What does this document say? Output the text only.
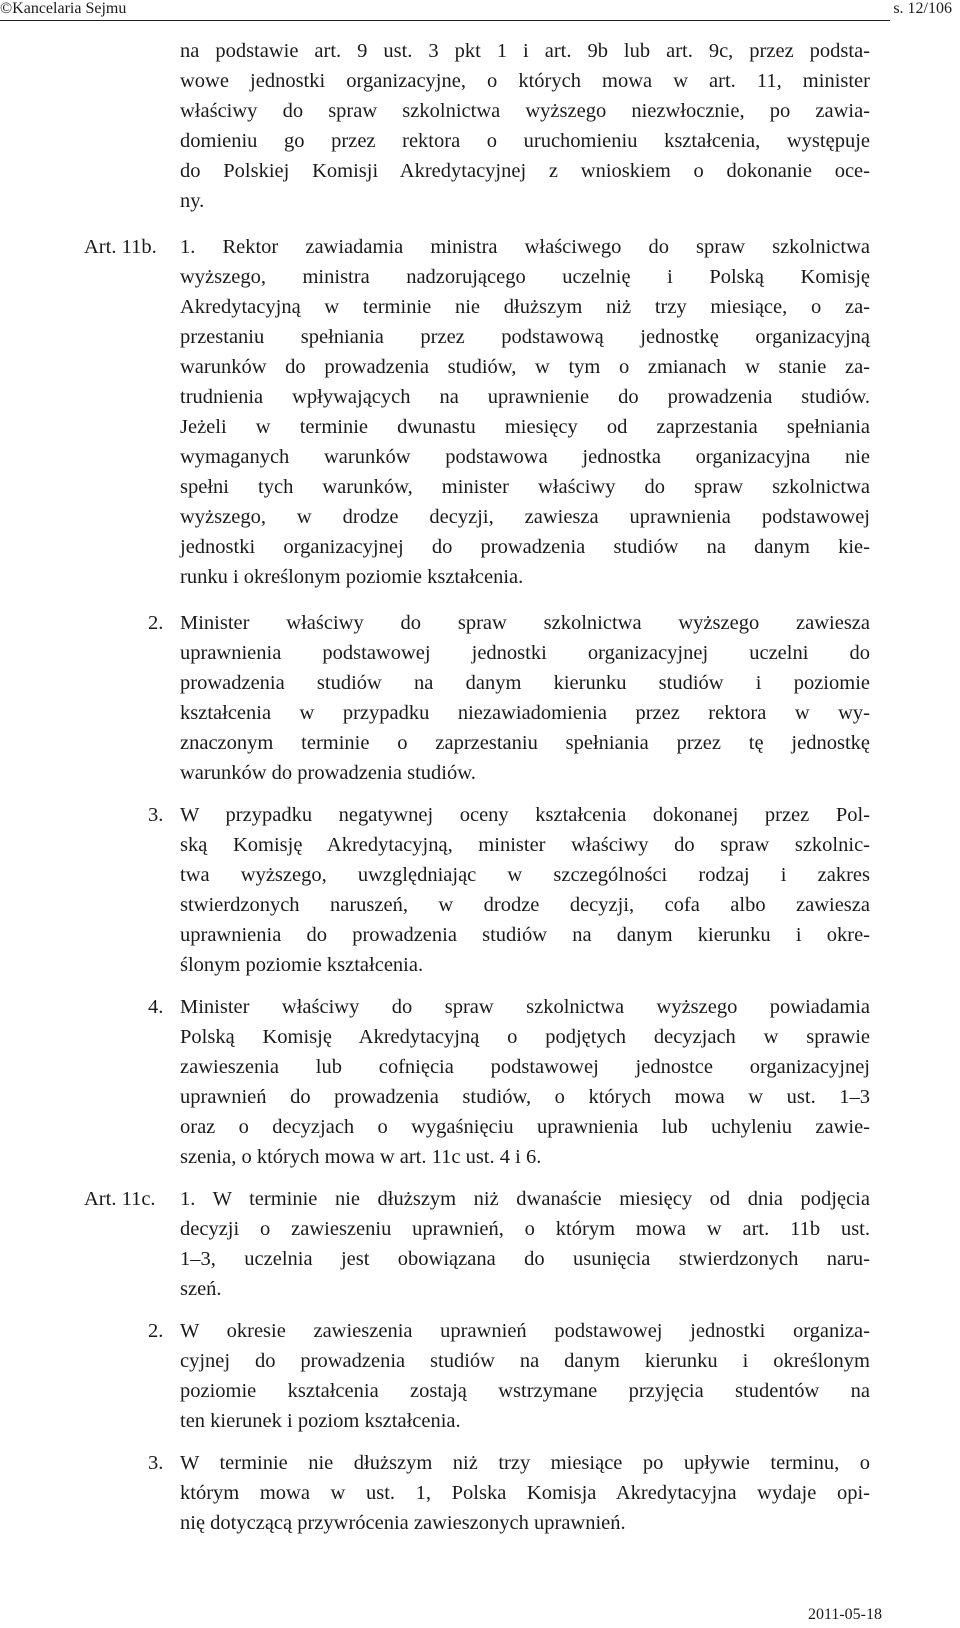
©Kancelaria Sejmu	s. 12/106
na podstawie art. 9 ust. 3 pkt 1 i art. 9b lub art. 9c, przez podsta-
wowe jednostki organizacyjne, o których mowa w art. 11, minister
właściwy do spraw szkolnictwa wyższego niezwłocznie, po zawia-
domieniu go przez rektora o uruchomieniu kształcenia, występuje
do Polskiej Komisji Akredytacyjnej z wnioskiem o dokonanie oce-
ny.
Art. 11b.	1. Rektor zawiadamia ministra właściwego do spraw szkolnictwa
wyższego, ministra nadzorującego uczelnię i Polską Komisję
Akredytacyjną w terminie nie dłuższym niż trzy miesiące, o za-
przestaniu spełniania przez podstawową jednostkę organizacyjną
warunków do prowadzenia studiów, w tym o zmianach w stanie za-
trudnienia wpływających na uprawnienie do prowadzenia studiów.
Jeżeli w terminie dwunastu miesięcy od zaprzestania spełniania
wymaganych warunków podstawowa jednostka organizacyjna nie
spełni tych warunków, minister właściwy do spraw szkolnictwa
wyższego, w drodze decyzji, zawiesza uprawnienia podstawowej
jednostki organizacyjnej do prowadzenia studiów na danym kie-
runku i określonym poziomie kształcenia.
2. Minister właściwy do spraw szkolnictwa wyższego zawiesza
uprawnienia podstawowej jednostki organizacyjnej uczelni do
prowadzenia studiów na danym kierunku studiów i poziomie
kształcenia w przypadku niezawiadomienia przez rektora w wy-
znaczonym terminie o zaprzestaniu spełniania przez tę jednostkę
warunków do prowadzenia studiów.
3. W przypadku negatywnej oceny kształcenia dokonanej przez Pol-
ską Komisję Akredytacyjną, minister właściwy do spraw szkolnic-
twa wyższego, uwzględniając w szczególności rodzaj i zakres
stwierdzonych naruszeń, w drodze decyzji, cofa albo zawiesza
uprawnienia do prowadzenia studiów na danym kierunku i okre-
ślonym poziomie kształcenia.
4. Minister właściwy do spraw szkolnictwa wyższego powiadamia
Polską Komisję Akredytacyjną o podjętych decyzjach w sprawie
zawieszenia lub cofnięcia podstawowej jednostce organizacyjnej
uprawnień do prowadzenia studiów, o których mowa w ust. 1–3
oraz o decyzjach o wygaśnięciu uprawnienia lub uchyleniu zawie-
szenia, o których mowa w art. 11c ust. 4 i 6.
Art. 11c.	1. W terminie nie dłuższym niż dwanaście miesięcy od dnia podjęcia
decyzji o zawieszeniu uprawnień, o którym mowa w art. 11b ust.
1–3, uczelnia jest obowiązana do usunięcia stwierdzonych naru-
szeń.
2. W okresie zawieszenia uprawnień podstawowej jednostki organiza-
cyjnej do prowadzenia studiów na danym kierunku i określonym
poziomie kształcenia zostają wstrzymane przyjęcia studentów na
ten kierunek i poziom kształcenia.
3. W terminie nie dłuższym niż trzy miesiące po upływie terminu, o
którym mowa w ust. 1, Polska Komisja Akredytacyjna wydaje opi-
nię dotyczącą przywrócenia zawieszonych uprawnień.
2011-05-18
